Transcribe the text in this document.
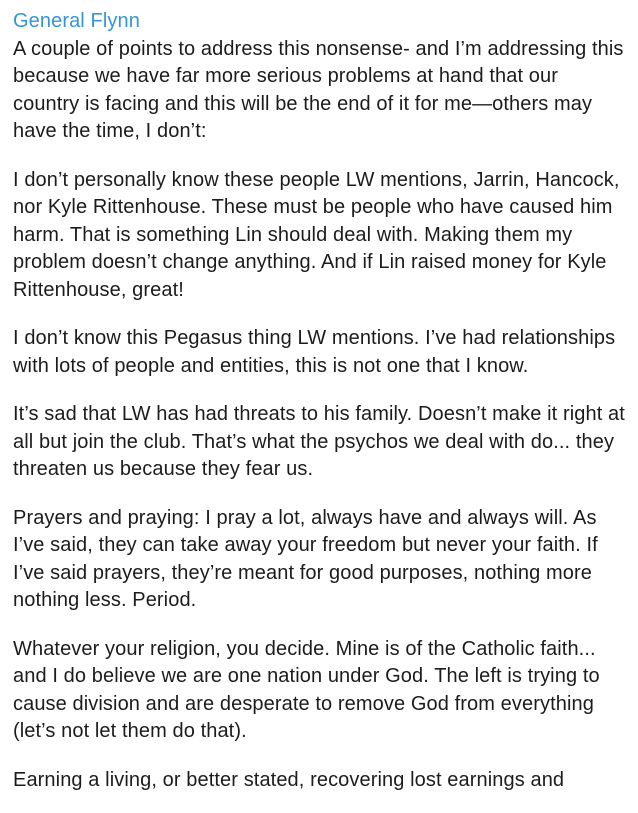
General Flynn

A couple of points to address this nonsense- and I’m addressing this because we have far more serious problems at hand that our country is facing and this will be the end of it for me—others may have the time, I don’t:

I don’t personally know these people LW mentions, Jarrin, Hancock, nor Kyle Rittenhouse. These must be people who have caused him harm. That is something Lin should deal with. Making them my problem doesn’t change anything. And if Lin raised money for Kyle Rittenhouse, great!

I don’t know this Pegasus thing LW mentions. I’ve had relationships with lots of people and entities, this is not one that I know.

It’s sad that LW has had threats to his family. Doesn’t make it right at all but join the club. That’s what the psychos we deal with do... they threaten us because they fear us.

Prayers and praying: I pray a lot, always have and always will. As I’ve said, they can take away your freedom but never your faith. If I’ve said prayers, they’re meant for good purposes, nothing more nothing less. Period.

Whatever your religion, you decide. Mine is of the Catholic faith... and I do believe we are one nation under God. The left is trying to cause division and are desperate to remove God from everything (let’s not let them do that).

Earning a living, or better stated, recovering lost earnings and
